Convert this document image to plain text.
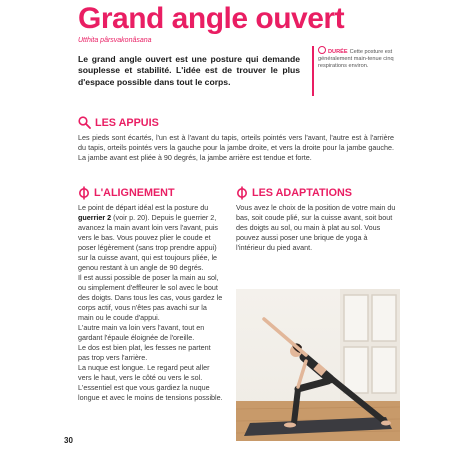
Grand angle ouvert
Utthita pârsvakonâsana
Le grand angle ouvert est une posture qui demande souplesse et stabilité. L'idée est de trouver le plus d'espace possible dans tout le corps.
DURÉE Cette posture est généralement main-tenue cinq respirations environ.
LES APPUIS
Les pieds sont écartés, l'un est à l'avant du tapis, orteils pointés vers l'avant, l'autre est à l'arrière du tapis, orteils pointés vers la gauche pour la jambe droite, et vers la droite pour la jambe gauche. La jambe avant est pliée à 90 degrés, la jambe arrière est tendue et forte.
L'ALIGNEMENT
Le point de départ idéal est la posture du guerrier 2 (voir p. 20). Depuis le guerrier 2, avancez la main avant loin vers l'avant, puis vers le bas. Vous pouvez plier le coude et poser légèrement (sans trop prendre appui) sur la cuisse avant, qui est toujours pliée, le genou restant à un angle de 90 degrés.
Il est aussi possible de poser la main au sol, ou simplement d'effleurer le sol avec le bout des doigts. Dans tous les cas, vous gardez le corps actif, vous n'êtes pas avachi sur la main ou le coude d'appui.
L'autre main va loin vers l'avant, tout en gardant l'épaule éloignée de l'oreille.
Le dos est bien plat, les fesses ne partent pas trop vers l'arrière.
La nuque est longue. Le regard peut aller vers le haut, vers le côté ou vers le sol. L'essentiel est que vous gardiez la nuque longue et avec le moins de tensions possible.
LES ADAPTATIONS
Vous avez le choix de la position de votre main du bas, soit coude plié, sur la cuisse avant, soit bout des doigts au sol, ou main à plat au sol. Vous pouvez aussi poser une brique de yoga à l'intérieur du pied avant.
30
